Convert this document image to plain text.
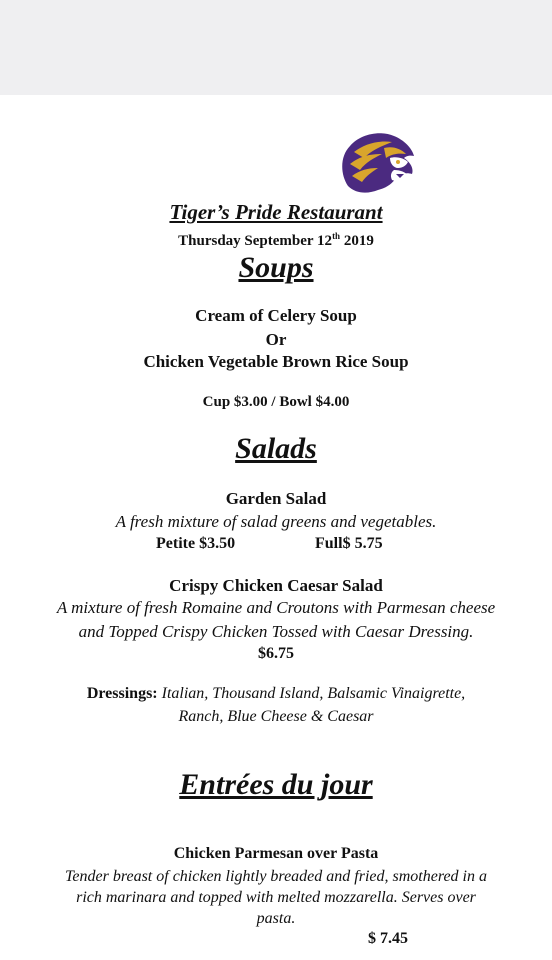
Tiger’s Pride Restaurant
Thursday September 12th 2019
Soups
Cream of Celery Soup
Or
Chicken Vegetable Brown Rice Soup
Cup $3.00 / Bowl $4.00
Salads
Garden Salad
A fresh mixture of salad greens and vegetables.
Petite $3.50	Full$ 5.75
Crispy Chicken Caesar Salad
A mixture of fresh Romaine and Croutons with Parmesan cheese
and Topped Crispy Chicken Tossed with Caesar Dressing.
$6.75
Dressings: Italian, Thousand Island, Balsamic Vinaigrette,
Ranch, Blue Cheese & Caesar
Entrées du jour
Chicken Parmesan over Pasta
Tender breast of chicken lightly breaded and fried, smothered in a
rich marinara and topped with melted mozzarella. Serves over
pasta.
$ 7.45
